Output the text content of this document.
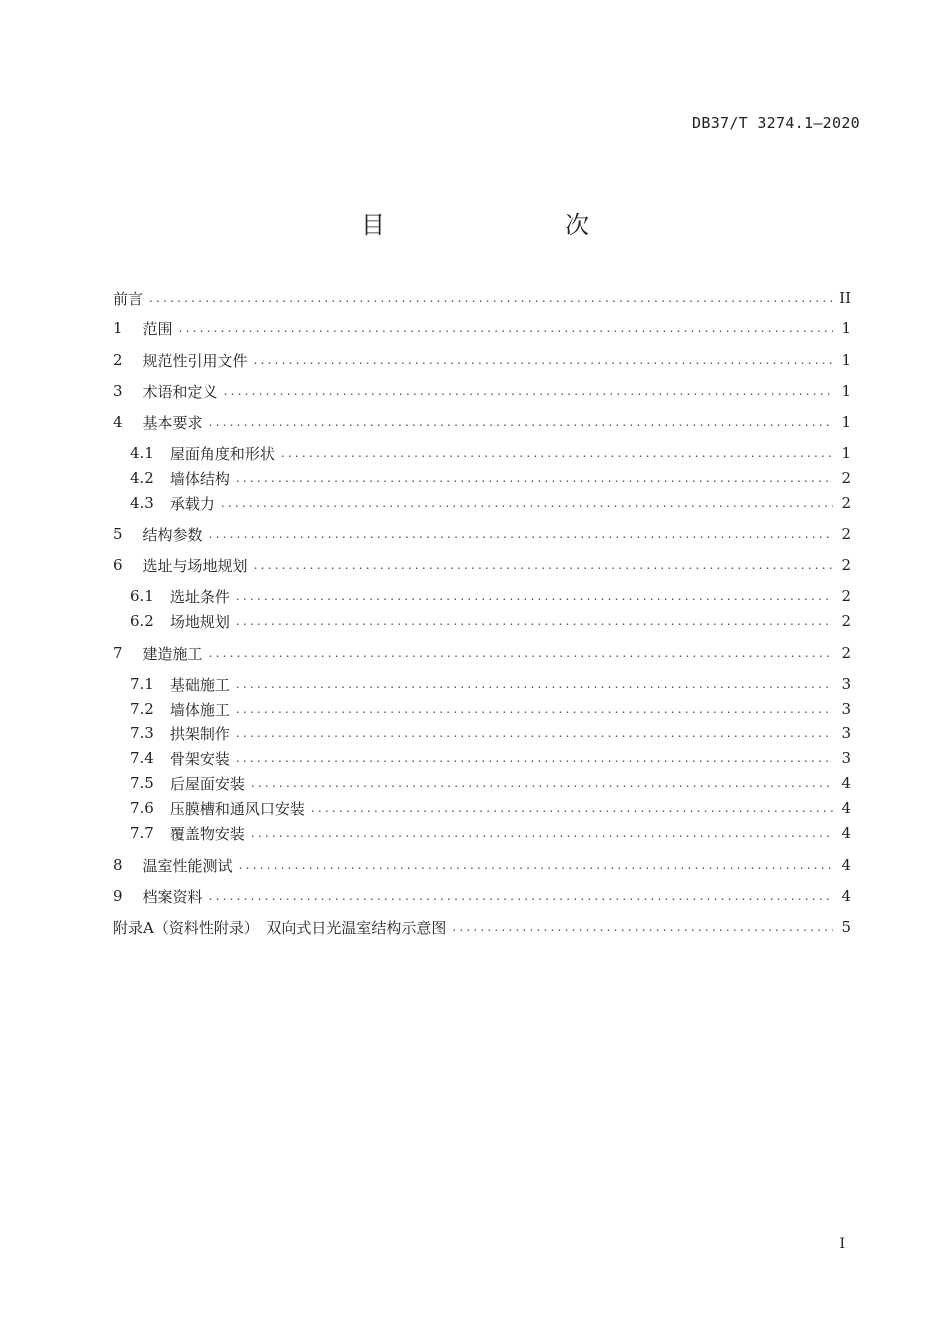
DB37/T 3274.1—2020
目　　次
前言 .....	II
1 范围 .....	1
2 规范性引用文件 .....	1
3 术语和定义 .....	1
4 基本要求 .....	1
4.1 屋面角度和形状 .....	1
4.2 墙体结构 .....	2
4.3 承载力 .....	2
5 结构参数 .....	2
6 选址与场地规划 .....	2
6.1 选址条件 .....	2
6.2 场地规划 .....	2
7 建造施工 .....	2
7.1 基础施工 .....	3
7.2 墙体施工 .....	3
7.3 拱架制作 .....	3
7.4 骨架安装 .....	3
7.5 后屋面安装 .....	4
7.6 压膜槽和通风口安装 .....	4
7.7 覆盖物安装 .....	4
8 温室性能测试 .....	4
9 档案资料 .....	4
附录A（资料性附录）　双向式日光温室结构示意图 .....	5
I
